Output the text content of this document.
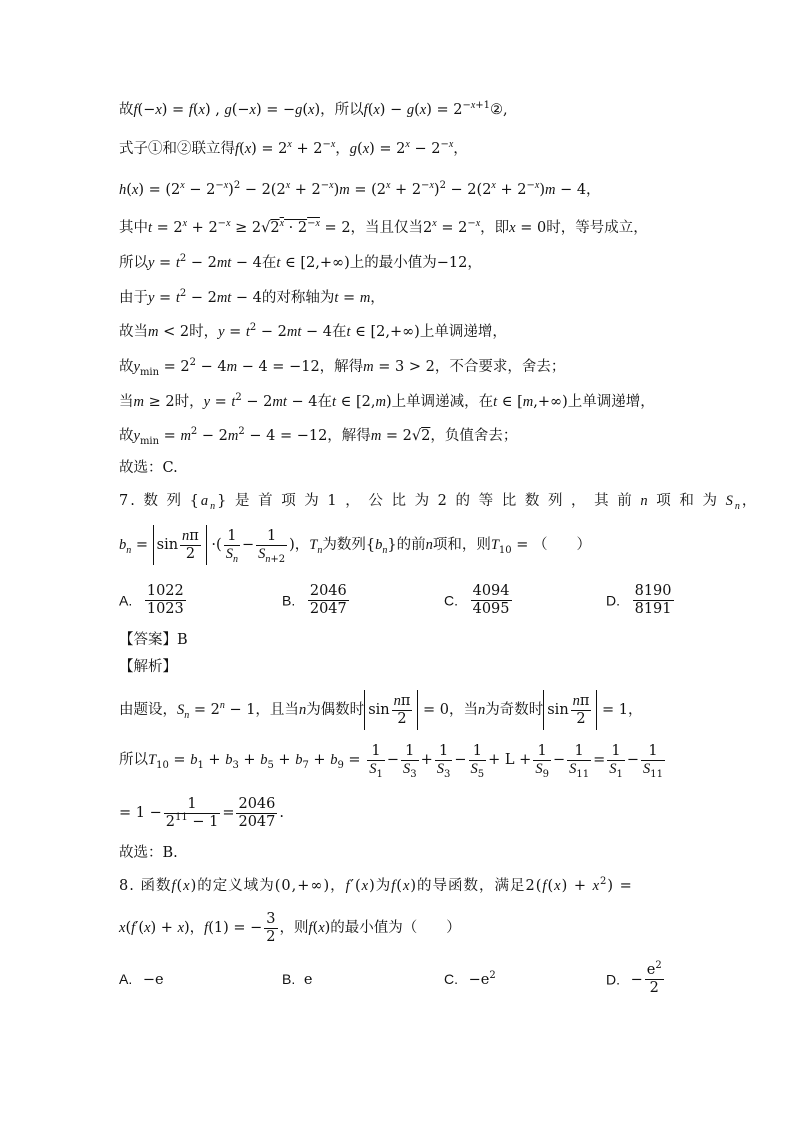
故f(−x) = f(x) , g(−x) = −g(x)，所以$f(x) - g(x) = 2^{-x+1}②$,
式子①和②联立得$f(x) = 2^x + 2^{-x}$，$g(x) = 2^x - 2^{-x}$，
$h(x) = (2^x - 2^{-x})^2 - 2(2^x + 2^{-x})m = (2^x + 2^{-x})^2 - 2(2^x + 2^{-x})m - 4$，
其中$t = 2^x + 2^{-x} \ge 2√2^x \cdot 2^{-x} = 2$，当且仅当$2^x = 2^{-x}$，即x = 0时，等号成立，
所以$y = t^2 - 2mt - 4$在t ∈ [2,+∞)上的最小值为−12，
由于$y = t^2 - 2mt - 4$的对称轴为t = m，
故当m < 2时，$y = t^2 - 2mt - 4$在t ∈ [2,+∞)上单调递增，
故$y_{min} = 2^2 - 4m - 4 = -12$，解得m = 3 > 2，不合要求，舍去；
当m ≥ 2时，$y = t^2 - 2mt - 4$在t ∈ [2,m)上单调递减，在t ∈ [m,+∞)上单调递增，
故$y_{min} = m^2 - 2m^2 - 4 = -12$，解得m = 2√2，负值舍去；
故选：C.
7. 数 列 $\{a_n\}$ 是 首 项 为 1 ， 公 比 为 2 的 等 比 数 列 ， 其 前 n 项 和 为 $S_n$，
$b_n = \sin \frac{n\pi}{2}$ ·( $\frac{1}{S_n} - \frac{1}{S_{n+2}}$ )，$T_n$为数列$\{b_n\}$的前n项和，则$T_{10}$ = （　　）
A. $\frac{1022}{1023}$	B. $\frac{2046}{2047}$	C. $\frac{4094}{4095}$	D. $\frac{8190}{8191}$
【答案】B
【解析】
由题设，$S_n = 2^n - 1$，且当n为偶数时 $\sin \frac{n\pi}{2} = 0$，当n为奇数时 $\sin \frac{n\pi}{2} = 1$，
所以$T_{10} = b_1 + b_3 + b_5 + b_7 + b_9 = \frac{1}{S_1} - \frac{1}{S_3} + \frac{1}{S_3} - \frac{1}{S_5} + L + \frac{1}{S_9} - \frac{1}{S_{11}} = \frac{1}{S_1} - \frac{1}{S_{11}}$
= $1 - \frac{1}{2^{11} - 1} = \frac{2046}{2047}$ .
故选：B.
8. 函数f(x)的定义域为(0,+∞)，f′(x)为f(x)的导函数，满足$2(f(x) + x^2)$ =
x(f′(x) + x)，f(1) = − $\frac{3}{2}$ ，则f(x)的最小值为（　　）
A. −e	B. e	C. $-e^2$	D. − $\frac{e^2}{2}$
